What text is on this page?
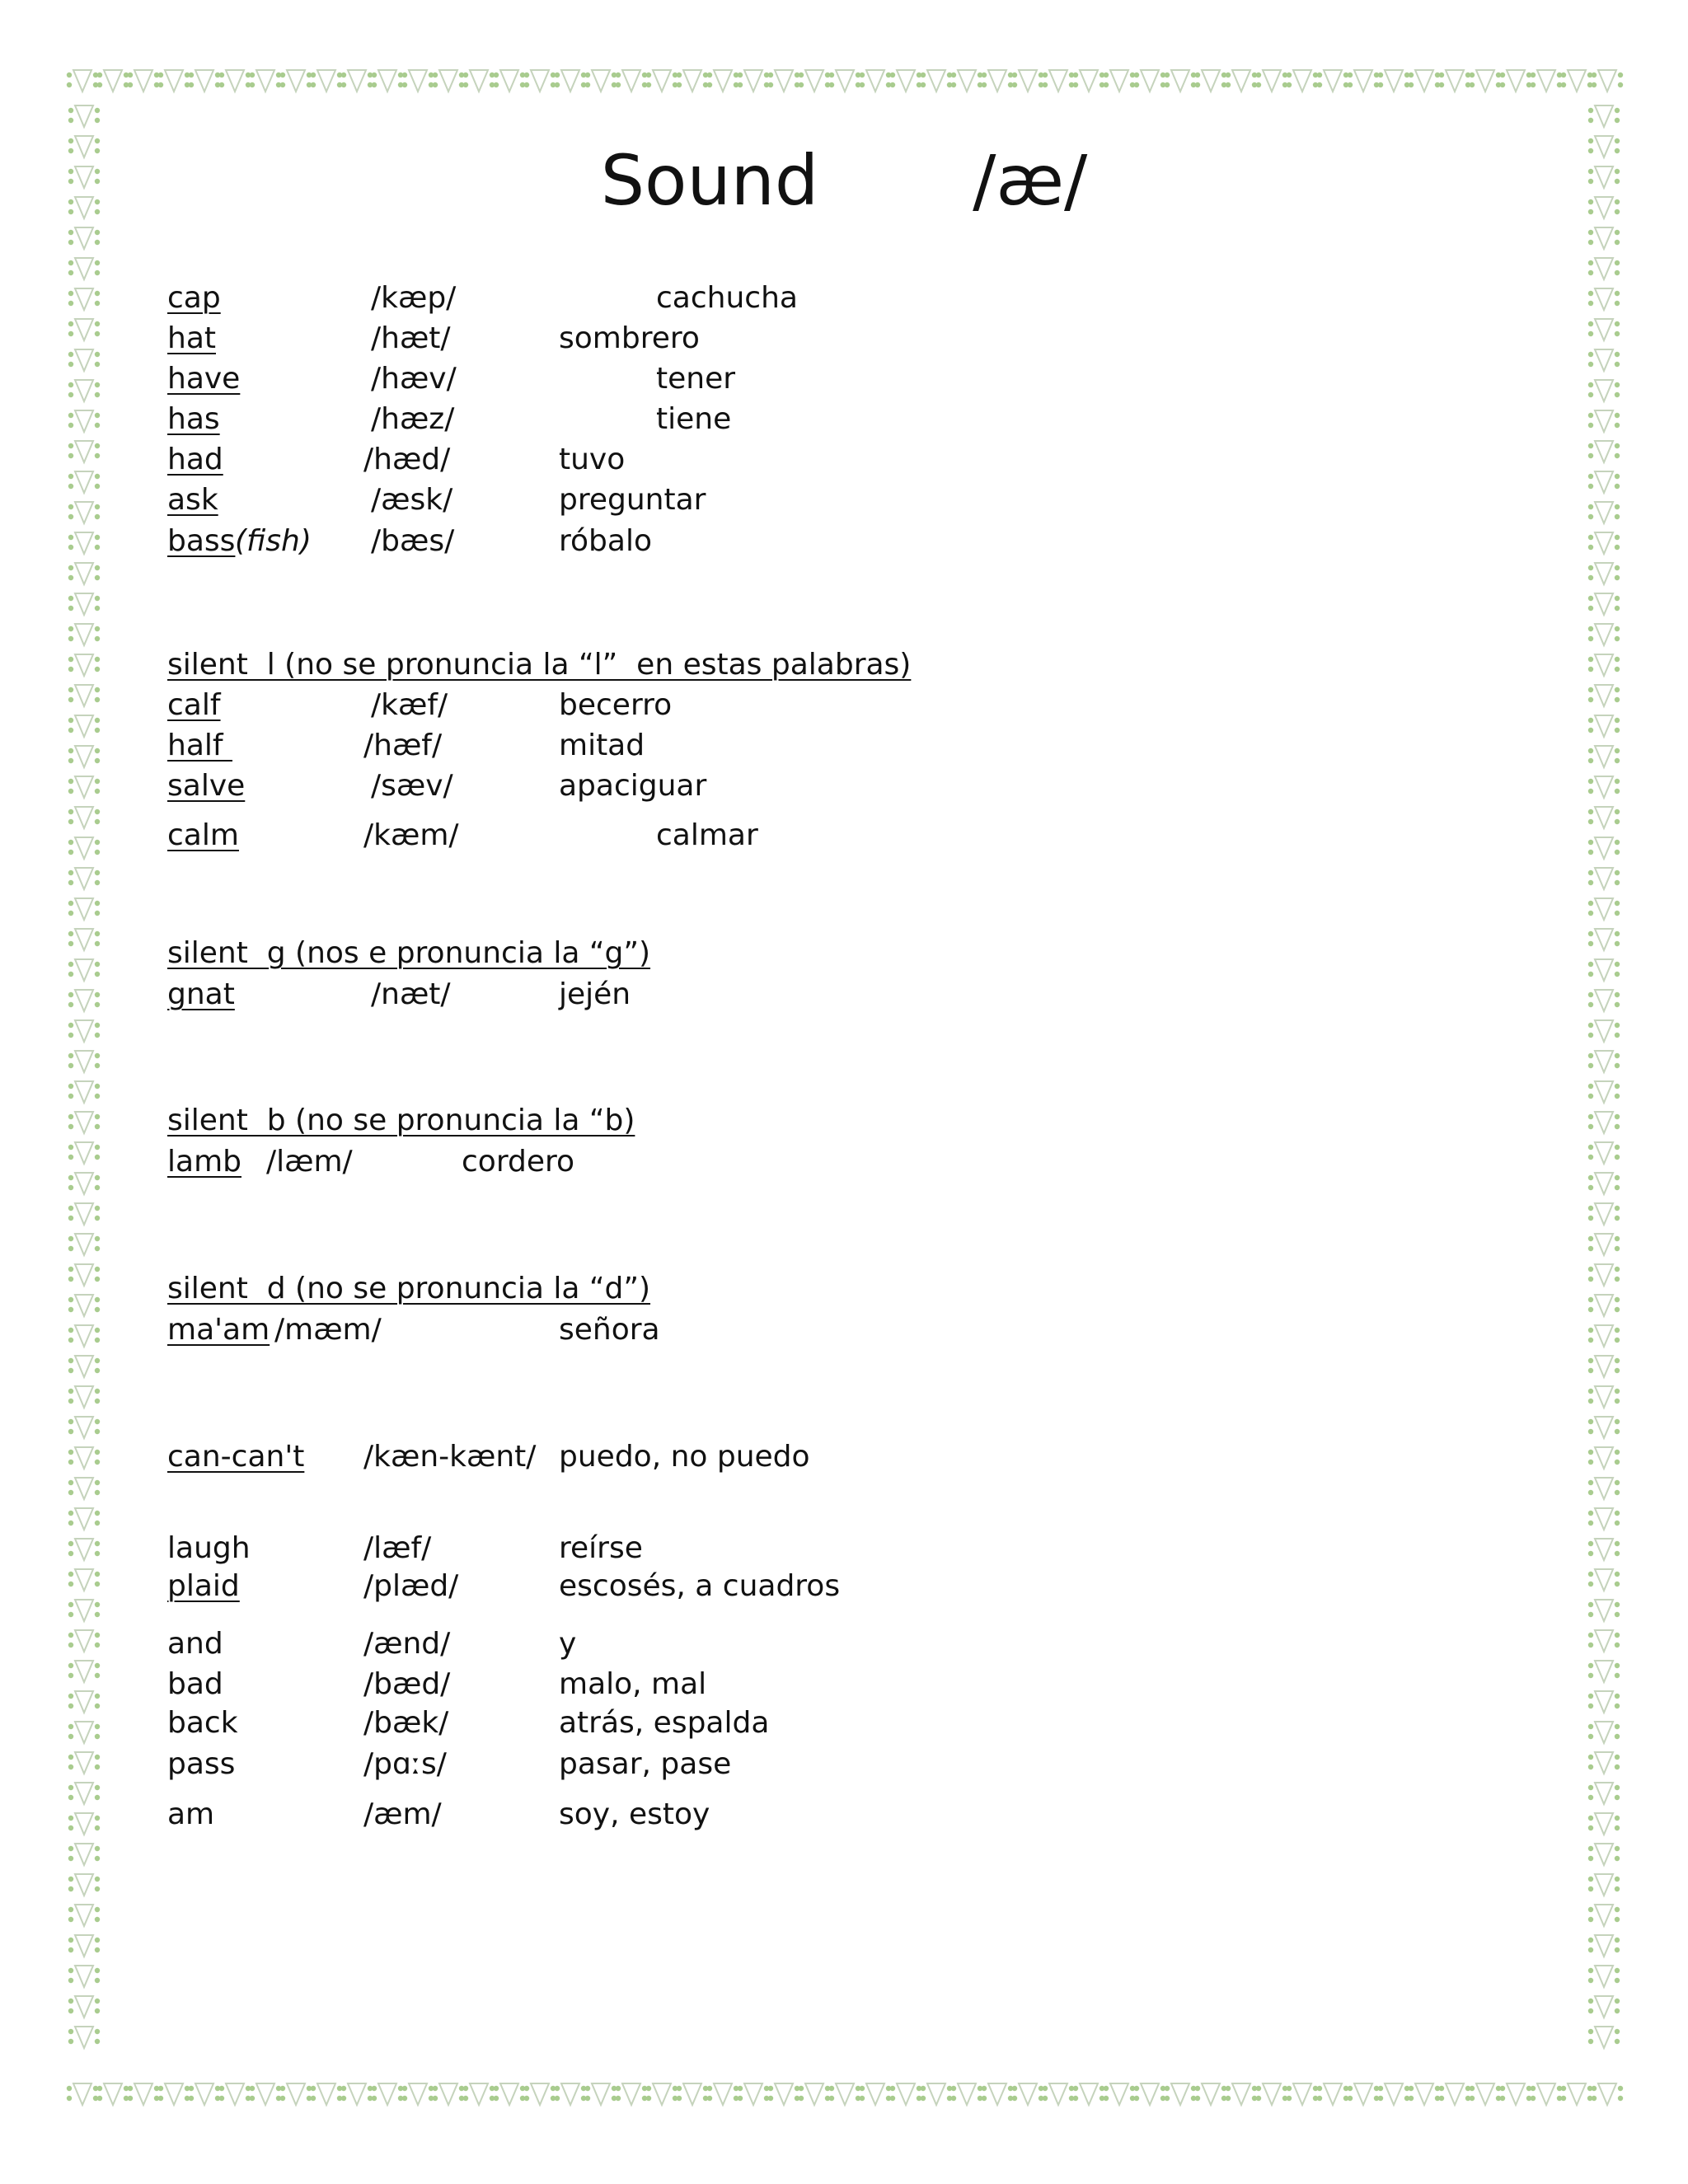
Sound /æ/
cap	/kæp/	cachucha
hat	/hæt/	sombrero
have	/hæv/	tener
has	/hæz/	tiene
had	/hæd/	tuvo
ask	/æsk/	preguntar
bass (fish) /bæs/	róbalo
silent  l (no se pronuncia la “l”  en estas palabras)
calf	/kæf/	becerro
half	/hæf/	mitad
salve	/sæv/	apaciguar
calm	/kæm/	calmar
silent  g (nos e pronuncia la “g”)
gnat	/næt/	jején
silent  b (no se pronuncia la “b)
lamb /læm/	cordero
silent  d (no se pronuncia la “d”)
ma'am /mæm/	señora
can-can't /kæn-kænt/ puedo, no puedo
laugh	/læf/	reírse
plaid	/plæd/	escosés, a cuadros
and	/ænd/	y
bad	/bæd/	malo, mal
back	/bæk/	atrás, espalda
pass	/pɑːs/	pasar, pase
am	/æm/	soy, estoy
